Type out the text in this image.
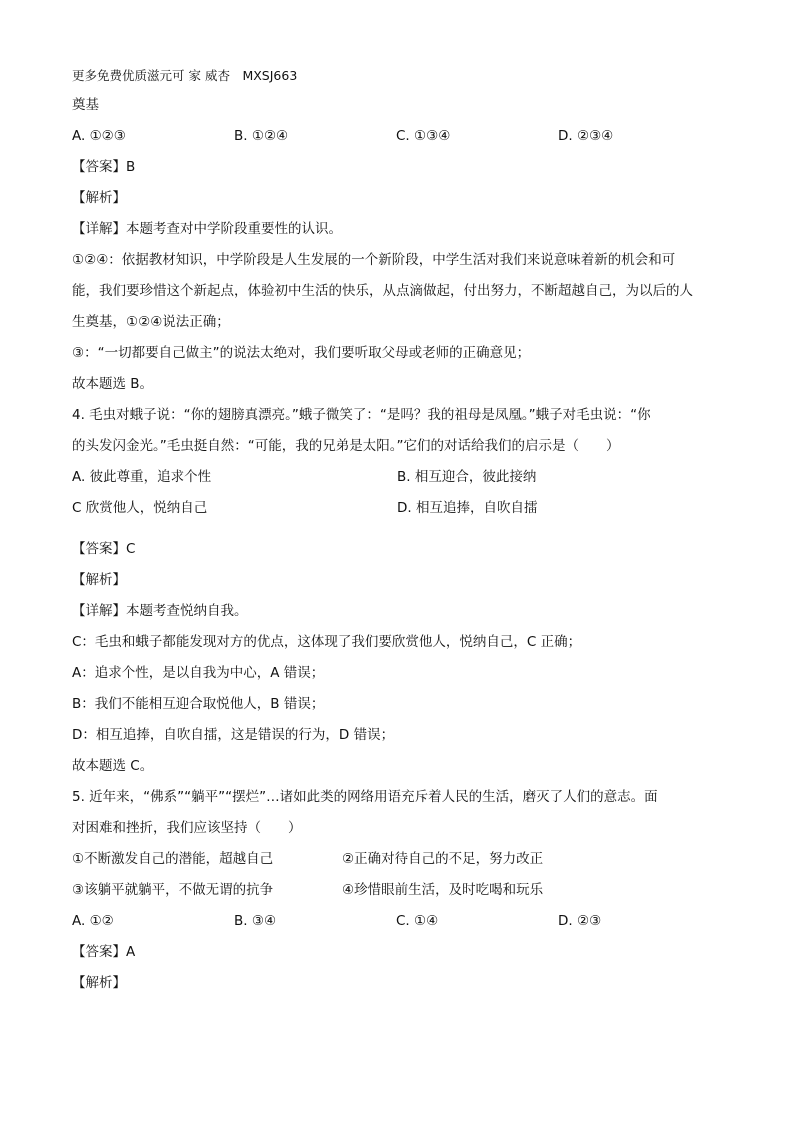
更多免费优质滋元可 家 威杏　MXSJ663
奠基
A. ①②③	B. ①②④	C. ①③④	D. ②③④
【答案】B
【解析】
【详解】本题考查对中学阶段重要性的认识。
①②④：依据教材知识，中学阶段是人生发展的一个新阶段，中学生活对我们来说意味着新的机会和可
能，我们要珍惜这个新起点，体验初中生活的快乐，从点滴做起，付出努力，不断超越自己，为以后的人
生奠基，①②④说法正确；
③：“一切都要自己做主”的说法太绝对，我们要听取父母或老师的正确意见；
故本题选 B。
4. 毛虫对蛾子说：“你的翅膀真漂亮。”蛾子微笑了：“是吗？我的祖母是凤凰。”蛾子对毛虫说：“你
的头发闪金光。”毛虫挺自然：“可能，我的兄弟是太阳。”它们的对话给我们的启示是（　　）
A. 彼此尊重，追求个性	B. 相互迎合，彼此接纳
C 欣赏他人，悦纳自己	D. 相互追捧，自吹自擂
【答案】C
【解析】
【详解】本题考查悦纳自我。
C：毛虫和蛾子都能发现对方的优点，这体现了我们要欣赏他人，悦纳自己，C 正确；
A：追求个性，是以自我为中心，A 错误；
B：我们不能相互迎合取悦他人，B 错误；
D：相互追捧，自吹自擂，这是错误的行为，D 错误；
故本题选 C。
5. 近年来，“佛系”“躺平”“摆烂”…诸如此类的网络用语充斥着人民的生活，磨灭了人们的意志。面
对困难和挫折，我们应该坚持（　　）
①不断激发自己的潜能，超越自己	②正确对待自己的不足，努力改正
③该躺平就躺平，不做无谓的抗争	④珍惜眼前生活，及时吃喝和玩乐
A. ①②	B. ③④	C. ①④	D. ②③
【答案】A
【解析】
